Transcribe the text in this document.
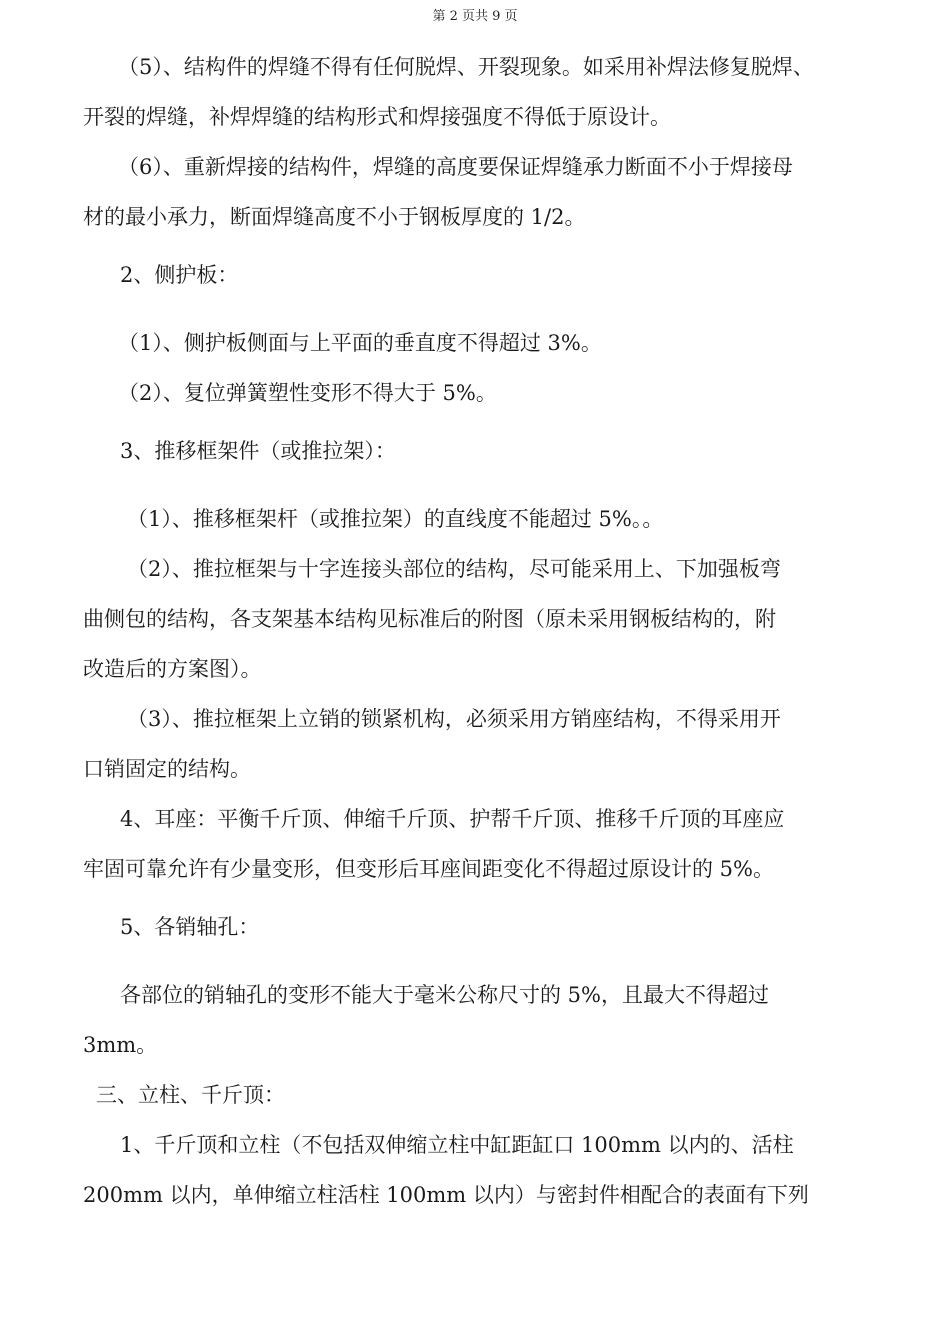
第 2 页共 9 页
（5）、结构件的焊缝不得有任何脱焊、开裂现象。如采用补焊法修复脱焊、
开裂的焊缝，补焊焊缝的结构形式和焊接强度不得低于原设计。
（6）、重新焊接的结构件，焊缝的高度要保证焊缝承力断面不小于焊接母
材的最小承力，断面焊缝高度不小于钢板厚度的 1/2。
2、侧护板：
（1）、侧护板侧面与上平面的垂直度不得超过 3%。
（2）、复位弹簧塑性变形不得大于 5%。
3、推移框架件（或推拉架）：
（1）、推移框架杆（或推拉架）的直线度不能超过 5%。。
（2）、推拉框架与十字连接头部位的结构，尽可能采用上、下加强板弯
曲侧包的结构，各支架基本结构见标准后的附图（原未采用钢板结构的，附
改造后的方案图）。
（3）、推拉框架上立销的锁紧机构，必须采用方销座结构，不得采用开
口销固定的结构。
4、耳座：平衡千斤顶、伸缩千斤顶、护帮千斤顶、推移千斤顶的耳座应
牢固可靠允许有少量变形，但变形后耳座间距变化不得超过原设计的 5%。
5、各销轴孔：
各部位的销轴孔的变形不能大于毫米公称尺寸的 5%，且最大不得超过
3mm。
三、立柱、千斤顶：
1、千斤顶和立柱（不包括双伸缩立柱中缸距缸口 100mm 以内的、活柱
200mm 以内，单伸缩立柱活柱 100mm 以内）与密封件相配合的表面有下列
